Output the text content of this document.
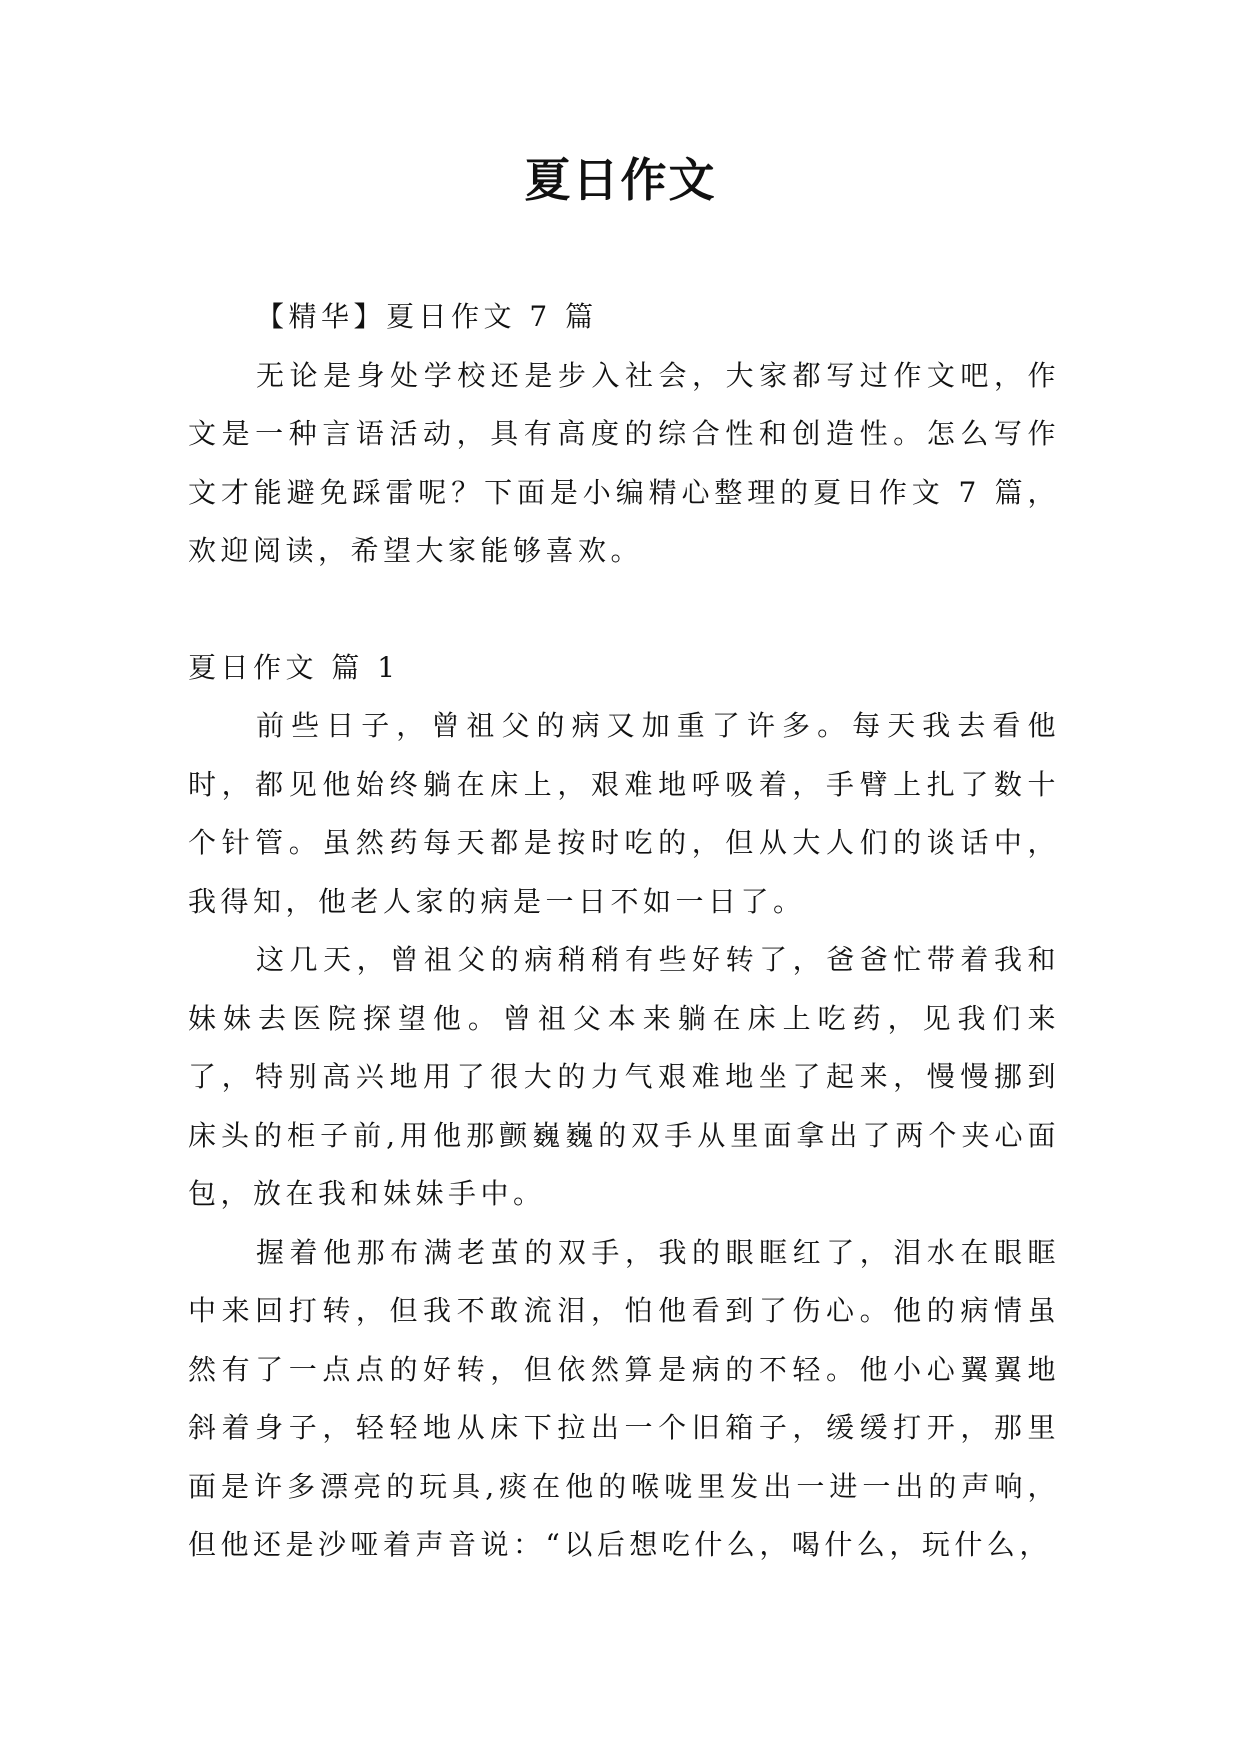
夏日作文

【精华】夏日作文 7 篇

无论是身处学校还是步入社会，大家都写过作文吧，作文是一种言语活动，具有高度的综合性和创造性。怎么写作文才能避免踩雷呢？下面是小编精心整理的夏日作文 7 篇，欢迎阅读，希望大家能够喜欢。

夏日作文 篇 1

前些日子，曾祖父的病又加重了许多。每天我去看他时，都见他始终躺在床上，艰难地呼吸着，手臂上扎了数十个针管。虽然药每天都是按时吃的，但从大人们的谈话中，我得知，他老人家的病是一日不如一日了。

这几天，曾祖父的病稍稍有些好转了，爸爸忙带着我和妹妹去医院探望他。曾祖父本来躺在床上吃药，见我们来了，特别高兴地用了很大的力气艰难地坐了起来，慢慢挪到床头的柜子前,用他那颤巍巍的双手从里面拿出了两个夹心面包，放在我和妹妹手中。

握着他那布满老茧的双手，我的眼眶红了，泪水在眼眶中来回打转，但我不敢流泪，怕他看到了伤心。他的病情虽然有了一点点的好转，但依然算是病的不轻。他小心翼翼地斜着身子，轻轻地从床下拉出一个旧箱子，缓缓打开，那里面是许多漂亮的玩具,痰在他的喉咙里发出一进一出的声响，但他还是沙哑着声音说：“以后想吃什么，喝什么，玩什么，
